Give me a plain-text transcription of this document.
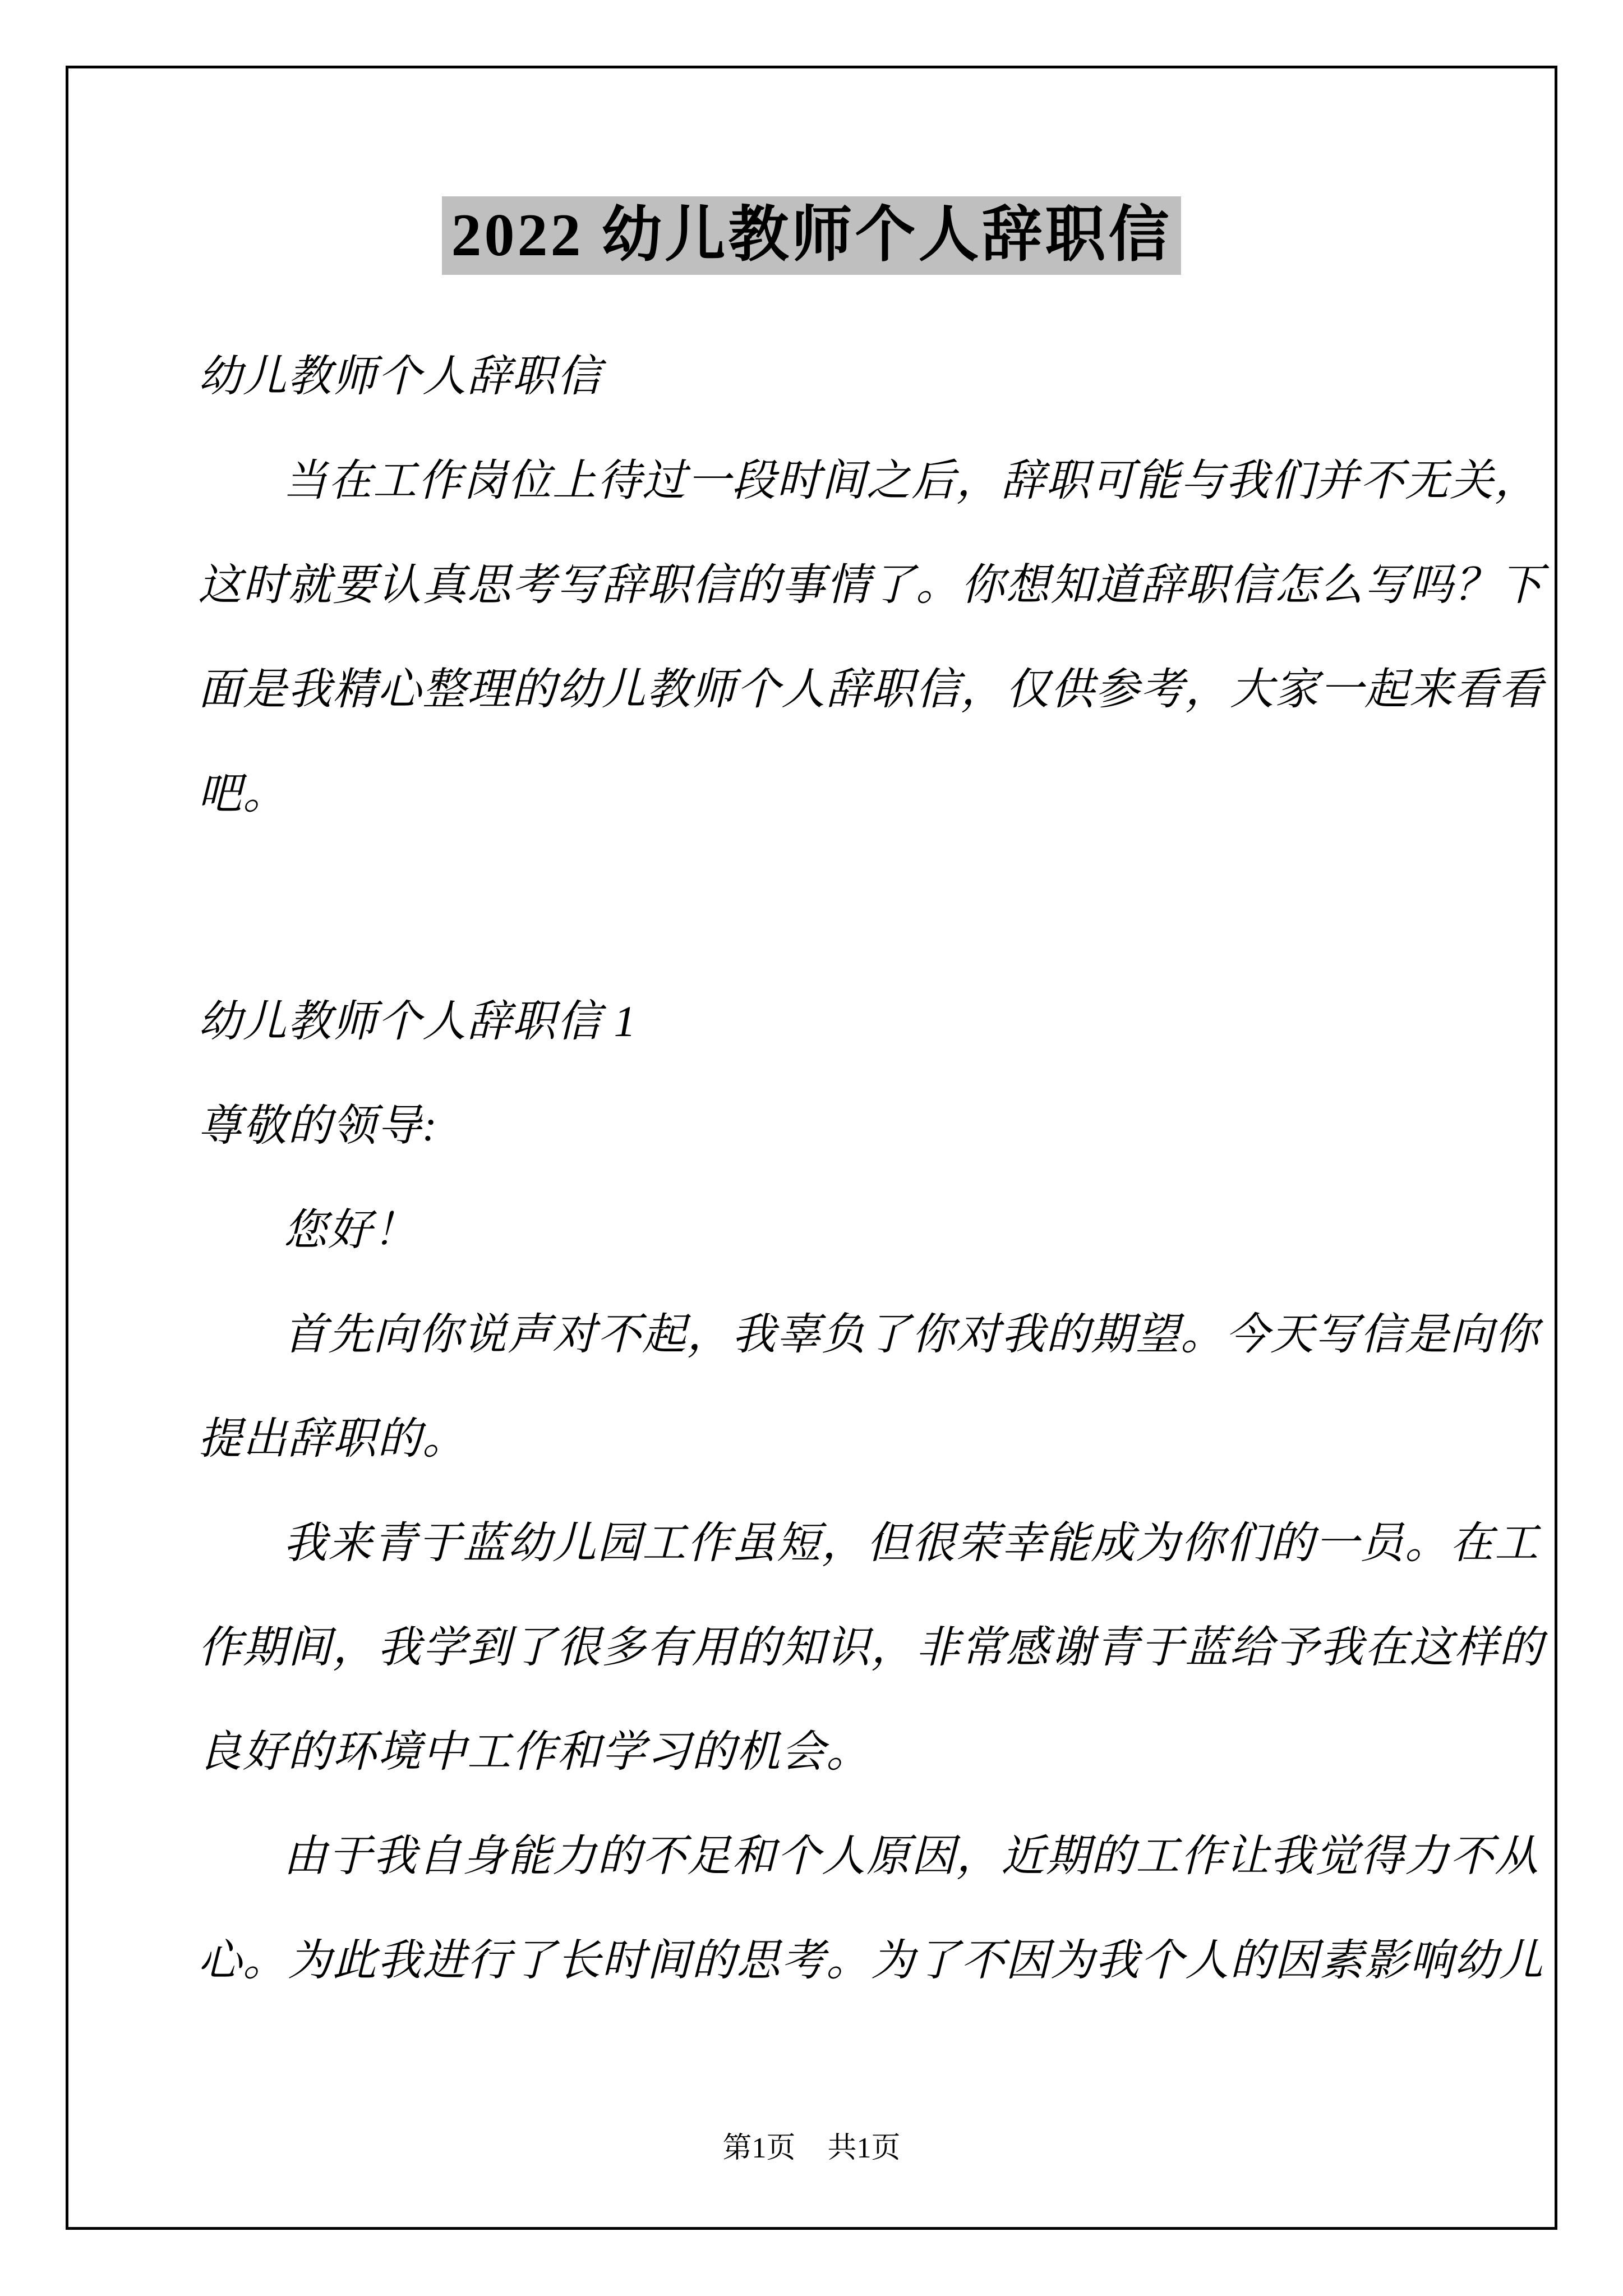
2022 幼儿教师个人辞职信
幼儿教师个人辞职信
当在工作岗位上待过一段时间之后，辞职可能与我们并不无关，
这时就要认真思考写辞职信的事情了。你想知道辞职信怎么写吗？下
面是我精心整理的幼儿教师个人辞职信，仅供参考，大家一起来看看
吧。
幼儿教师个人辞职信 1
尊敬的领导:
您好！
首先向你说声对不起，我辜负了你对我的期望。今天写信是向你
提出辞职的。
我来青于蓝幼儿园工作虽短，但很荣幸能成为你们的一员。在工
作期间，我学到了很多有用的知识，非常感谢青于蓝给予我在这样的
良好的环境中工作和学习的机会。
由于我自身能力的不足和个人原因，近期的工作让我觉得力不从
心。为此我进行了长时间的思考。为了不因为我个人的因素影响幼儿
第1页 共1页
